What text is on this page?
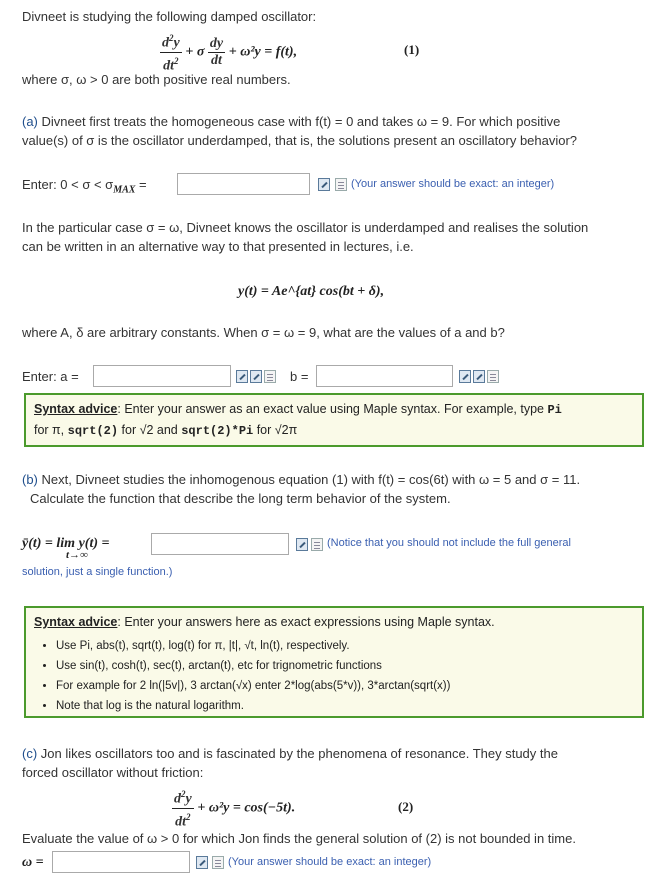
Divneet is studying the following damped oscillator:
$\frac{d^2y}{dt^2} + \sigma \frac{dy}{dt} + \omega^2y = f(t)$,	(1)
where σ, ω > 0 are both positive real numbers.
(a) Divneet first treats the homogeneous case with f(t) = 0 and takes ω = 9. For which positive
value(s) of σ is the oscillator underdamped, that is, the solutions present an oscillatory behavior?
Enter: $0 < \sigma < \sigma_{MAX}$ =	(Your answer should be exact: an integer)
In the particular case σ = ω, Divneet knows the oscillator is underdamped and realises the solution
can be written in an alternative way to that presented in lectures, i.e.
y(t) = Ae^{at} cos(bt + δ),
where A, δ are arbitrary constants. When σ = ω = 9, what are the values of a and b?
Enter: a =	b =
Syntax advice: Enter your answer as an exact value using Maple syntax. For example, type Pi
for π, sqrt(2) for √2 and sqrt(2)*Pi for √2π
(b) Next, Divneet studies the inhomogenous equation (1) with f(t) = cos(6t) with ω = 5 and σ = 11.
Calculate the function that describe the long term behavior of the system.
ȳ(t) = lim y(t) =
t→∞
(Notice that you should not include the full general
solution, just a single function.)
Syntax advice: Enter your answers here as exact expressions using Maple syntax.
• Use Pi, abs(t), sqrt(t), log(t) for π, |t|, √t, ln(t), respectively.
• Use sin(t), cosh(t), sec(t), arctan(t), etc for trignometric functions
• For example for 2 ln(|5v|), 3 arctan(√x) enter 2*log(abs(5*v)), 3*arctan(sqrt(x))
• Note that log is the natural logarithm.
(c) Jon likes oscillators too and is fascinated by the phenomena of resonance. They study the
forced oscillator without friction:
$\frac{d^2y}{dt^2} + \omega^2y = \cos(-5t)$.	(2)
Evaluate the value of ω > 0 for which Jon finds the general solution of (2) is not bounded in time.
ω =	(Your answer should be exact: an integer)
